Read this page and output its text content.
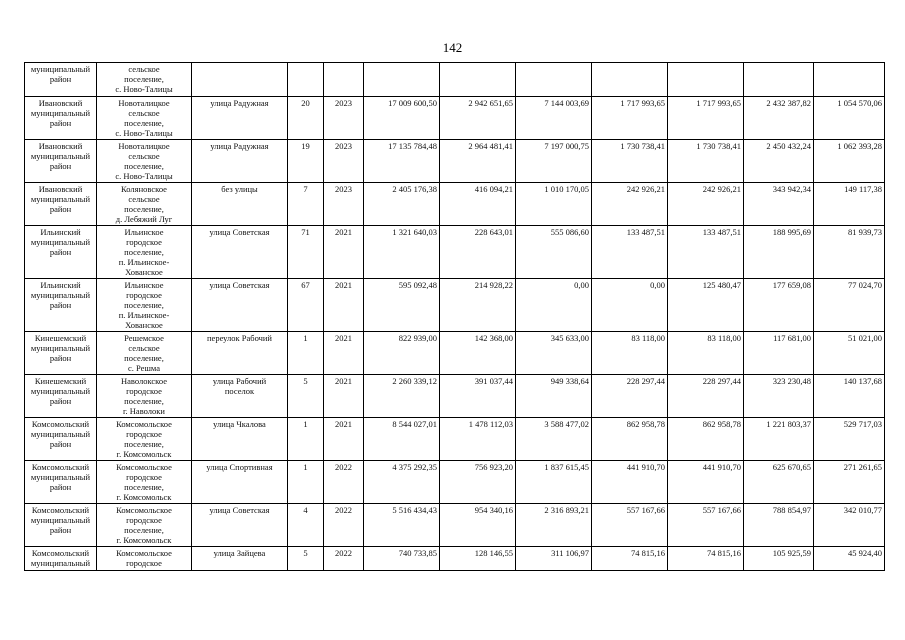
142
муниципальный
район	сельское
поселение,
с. Ново-Талицы										
Ивановский
муниципальный
район	Новоталицкое
сельское
поселение,
с. Ново-Талицы	улица Радужная	20	2023	17 009 600,50	2 942 651,65	7 144 003,69	1 717 993,65	1 717 993,65	2 432 387,82	1 054 570,06
Ивановский
муниципальный
район	Новоталицкое
сельское
поселение,
с. Ново-Талицы	улица Радужная	19	2023	17 135 784,48	2 964 481,41	7 197 000,75	1 730 738,41	1 730 738,41	2 450 432,24	1 062 393,28
Ивановский
муниципальный
район	Коляновское
сельское
поселение,
д. Лебяжий Луг	без улицы	7	2023	2 405 176,38	416 094,21	1 010 170,05	242 926,21	242 926,21	343 942,34	149 117,38
Ильинский
муниципальный
район	Ильинское
городское
поселение,
п. Ильинское-
Хованское	улица Советская	71	2021	1 321 640,03	228 643,01	555 086,60	133 487,51	133 487,51	188 995,69	81 939,73
Ильинский
муниципальный
район	Ильинское
городское
поселение,
п. Ильинское-
Хованское	улица Советская	67	2021	595 092,48	214 928,22	0,00	0,00	125 480,47	177 659,08	77 024,70
Кинешемский
муниципальный
район	Решемское
сельское
поселение,
с. Решма	переулок Рабочий	1	2021	822 939,00	142 368,00	345 633,00	83 118,00	83 118,00	117 681,00	51 021,00
Кинешемский
муниципальный
район	Наволокское
городское
поселение,
г. Наволоки	улица Рабочий
поселок	5	2021	2 260 339,12	391 037,44	949 338,64	228 297,44	228 297,44	323 230,48	140 137,68
Комсомольский
муниципальный
район	Комсомольское
городское
поселение,
г. Комсомольск	улица Чкалова	1	2021	8 544 027,01	1 478 112,03	3 588 477,02	862 958,78	862 958,78	1 221 803,37	529 717,03
Комсомольский
муниципальный
район	Комсомольское
городское
поселение,
г. Комсомольск	улица Спортивная	1	2022	4 375 292,35	756 923,20	1 837 615,45	441 910,70	441 910,70	625 670,65	271 261,65
Комсомольский
муниципальный
район	Комсомольское
городское
поселение,
г. Комсомольск	улица Советская	4	2022	5 516 434,43	954 340,16	2 316 893,21	557 167,66	557 167,66	788 854,97	342 010,77
Комсомольский
муниципальный	Комсомольское
городское	улица Зайцева	5	2022	740 733,85	128 146,55	311 106,97	74 815,16	74 815,16	105 925,59	45 924,40
